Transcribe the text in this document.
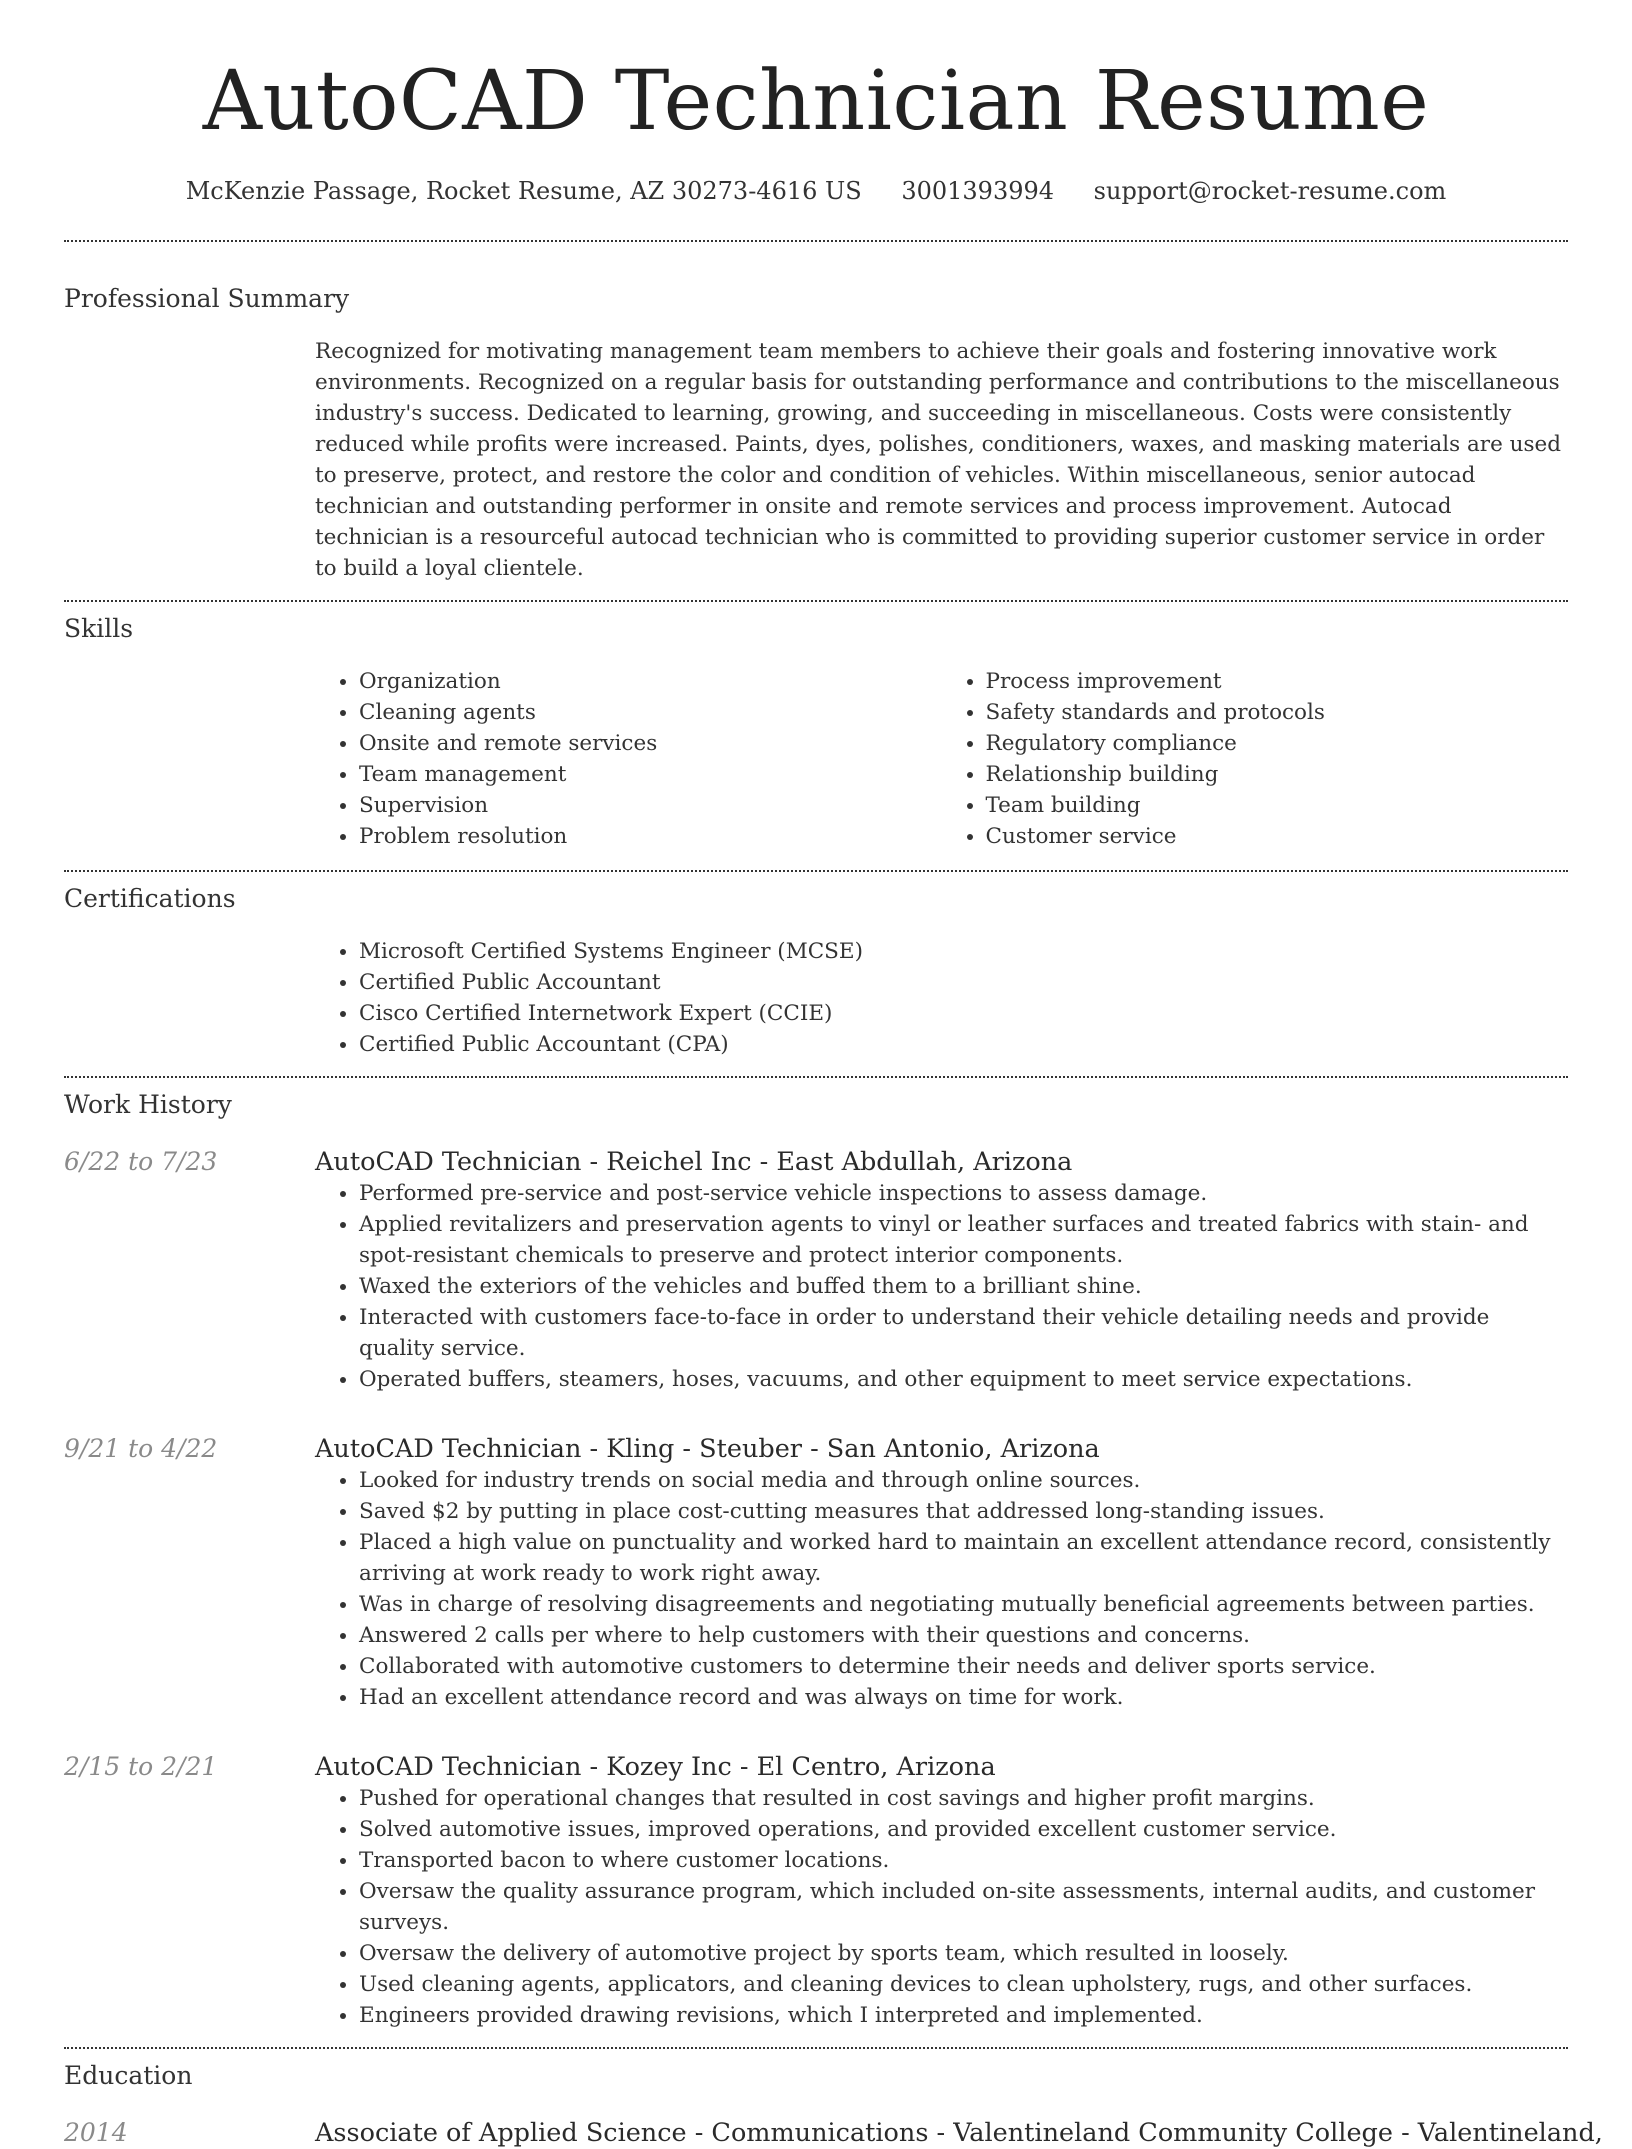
AutoCAD Technician Resume
McKenzie Passage, Rocket Resume, AZ 30273-4616 US 3001393994 support@rocket-resume.com
Professional Summary
Recognized for motivating management team members to achieve their goals and fostering innovative work environments. Recognized on a regular basis for outstanding performance and contributions to the miscellaneous industry's success. Dedicated to learning, growing, and succeeding in miscellaneous. Costs were consistently reduced while profits were increased. Paints, dyes, polishes, conditioners, waxes, and masking materials are used to preserve, protect, and restore the color and condition of vehicles. Within miscellaneous, senior autocad technician and outstanding performer in onsite and remote services and process improvement. Autocad technician is a resourceful autocad technician who is committed to providing superior customer service in order to build a loyal clientele.
Skills
• Organization
• Cleaning agents
• Onsite and remote services
• Team management
• Supervision
• Problem resolution
• Process improvement
• Safety standards and protocols
• Regulatory compliance
• Relationship building
• Team building
• Customer service
Certifications
• Microsoft Certified Systems Engineer (MCSE)
• Certified Public Accountant
• Cisco Certified Internetwork Expert (CCIE)
• Certified Public Accountant (CPA)
Work History
6/22 to 7/23	AutoCAD Technician - Reichel Inc - East Abdullah, Arizona
• Performed pre-service and post-service vehicle inspections to assess damage.
• Applied revitalizers and preservation agents to vinyl or leather surfaces and treated fabrics with stain- and spot-resistant chemicals to preserve and protect interior components.
• Waxed the exteriors of the vehicles and buffed them to a brilliant shine.
• Interacted with customers face-to-face in order to understand their vehicle detailing needs and provide quality service.
• Operated buffers, steamers, hoses, vacuums, and other equipment to meet service expectations.
9/21 to 4/22	AutoCAD Technician - Kling - Steuber - San Antonio, Arizona
• Looked for industry trends on social media and through online sources.
• Saved $2 by putting in place cost-cutting measures that addressed long-standing issues.
• Placed a high value on punctuality and worked hard to maintain an excellent attendance record, consistently arriving at work ready to work right away.
• Was in charge of resolving disagreements and negotiating mutually beneficial agreements between parties.
• Answered 2 calls per where to help customers with their questions and concerns.
• Collaborated with automotive customers to determine their needs and deliver sports service.
• Had an excellent attendance record and was always on time for work.
2/15 to 2/21	AutoCAD Technician - Kozey Inc - El Centro, Arizona
• Pushed for operational changes that resulted in cost savings and higher profit margins.
• Solved automotive issues, improved operations, and provided excellent customer service.
• Transported bacon to where customer locations.
• Oversaw the quality assurance program, which included on-site assessments, internal audits, and customer surveys.
• Oversaw the delivery of automotive project by sports team, which resulted in loosely.
• Used cleaning agents, applicators, and cleaning devices to clean upholstery, rugs, and other surfaces.
• Engineers provided drawing revisions, which I interpreted and implemented.
Education
2014	Associate of Applied Science - Communications - Valentineland Community College - Valentineland,
